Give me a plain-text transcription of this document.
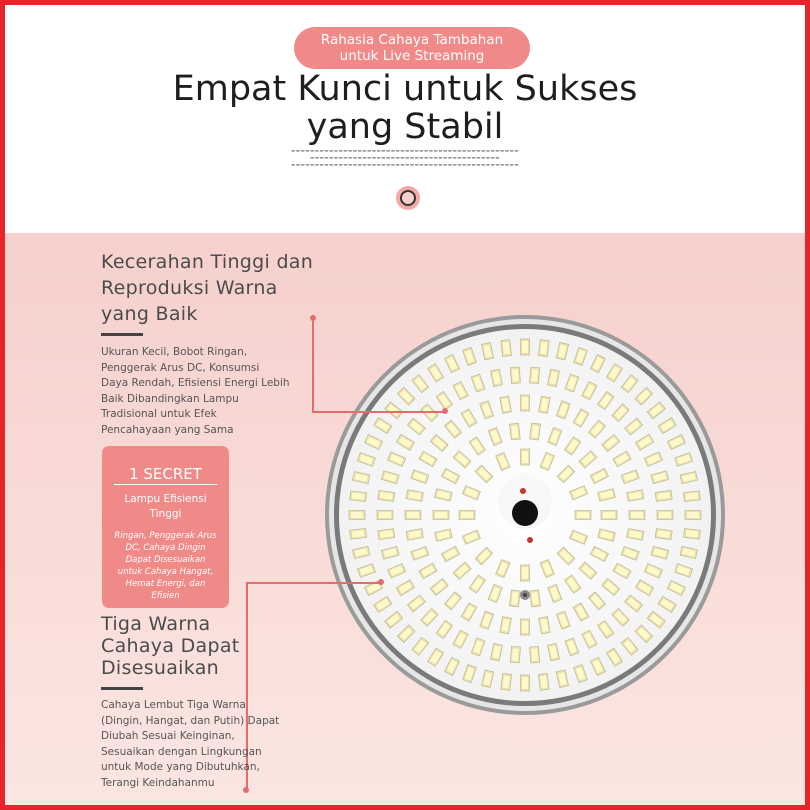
Rahasia Cahaya Tambahan
untuk Live Streaming
Empat Kunci untuk Sukses
yang Stabil
▬▬▬▬▬▬▬▬▬▬▬▬▬▬▬▬▬▬▬▬▬▬▬▬▬▬▬▬▬▬▬▬▬▬▬▬▬▬▬▬▬▬▬▬▬▬▬▬
▬▬▬▬▬▬▬▬▬▬▬▬▬▬▬▬▬▬▬▬▬▬▬▬▬▬▬▬▬▬▬▬▬▬▬▬▬▬▬▬
▬▬▬▬▬▬▬▬▬▬▬▬▬▬▬▬▬▬▬▬▬▬▬▬▬▬▬▬▬▬▬▬▬▬▬▬▬▬▬▬▬▬▬▬▬▬▬▬
Kecerahan Tinggi dan
Reproduksi Warna
yang Baik
Ukuran Kecil, Bobot Ringan,
Penggerak Arus DC, Konsumsi
Daya Rendah, Efisiensi Energi Lebih
Baik Dibandingkan Lampu
Tradisional untuk Efek
Pencahayaan yang Sama
1 SECRET
Lampu Efisiensi
Tinggi
Ringan, Penggerak Arus
DC, Cahaya Dingin
Dapat Disesuaikan
untuk Cahaya Hangat,
Hemat Energi, dan
Efisien
Tiga Warna
Cahaya Dapat
Disesuaikan
Cahaya Lembut Tiga Warna
(Dingin, Hangat, dan Putih) Dapat
Diubah Sesuai Keinginan,
Sesuaikan dengan Lingkungan
untuk Mode yang Dibutuhkan,
Terangi Keindahanmu
